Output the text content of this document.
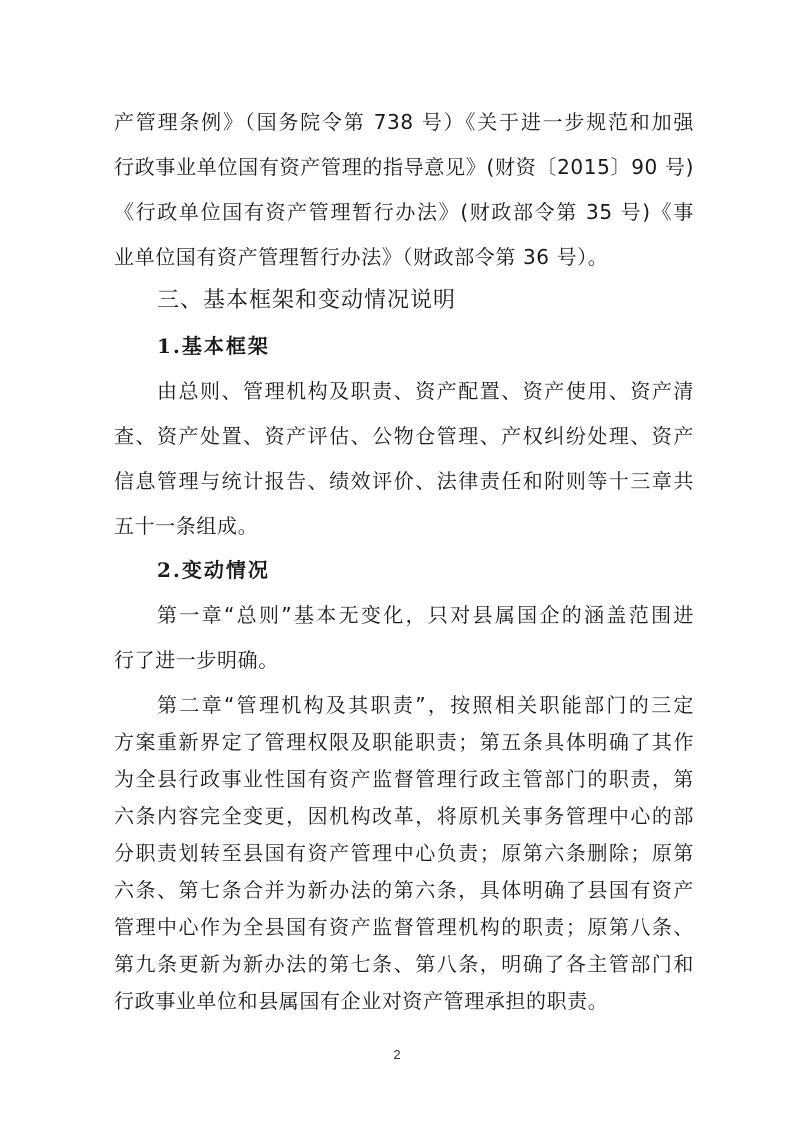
产管理条例》（国务院令第 738 号）《关于进一步规范和加强
行政事业单位国有资产管理的指导意见》(财资〔2015〕90 号)
《行政单位国有资产管理暂行办法》(财政部令第 35 号)《事
业单位国有资产管理暂行办法》（财政部令第 36 号）。
三、基本框架和变动情况说明
1.基本框架
由总则、管理机构及职责、资产配置、资产使用、资产清
查、资产处置、资产评估、公物仓管理、产权纠纷处理、资产
信息管理与统计报告、绩效评价、法律责任和附则等十三章共
五十一条组成。
2.变动情况
第一章“总则”基本无变化，只对县属国企的涵盖范围进
行了进一步明确。
第二章“管理机构及其职责”，按照相关职能部门的三定
方案重新界定了管理权限及职能职责；第五条具体明确了其作
为全县行政事业性国有资产监督管理行政主管部门的职责，第
六条内容完全变更，因机构改革，将原机关事务管理中心的部
分职责划转至县国有资产管理中心负责；原第六条删除；原第
六条、第七条合并为新办法的第六条，具体明确了县国有资产
管理中心作为全县国有资产监督管理机构的职责；原第八条、
第九条更新为新办法的第七条、第八条，明确了各主管部门和
2
行政事业单位和县属国有企业对资产管理承担的职责。
